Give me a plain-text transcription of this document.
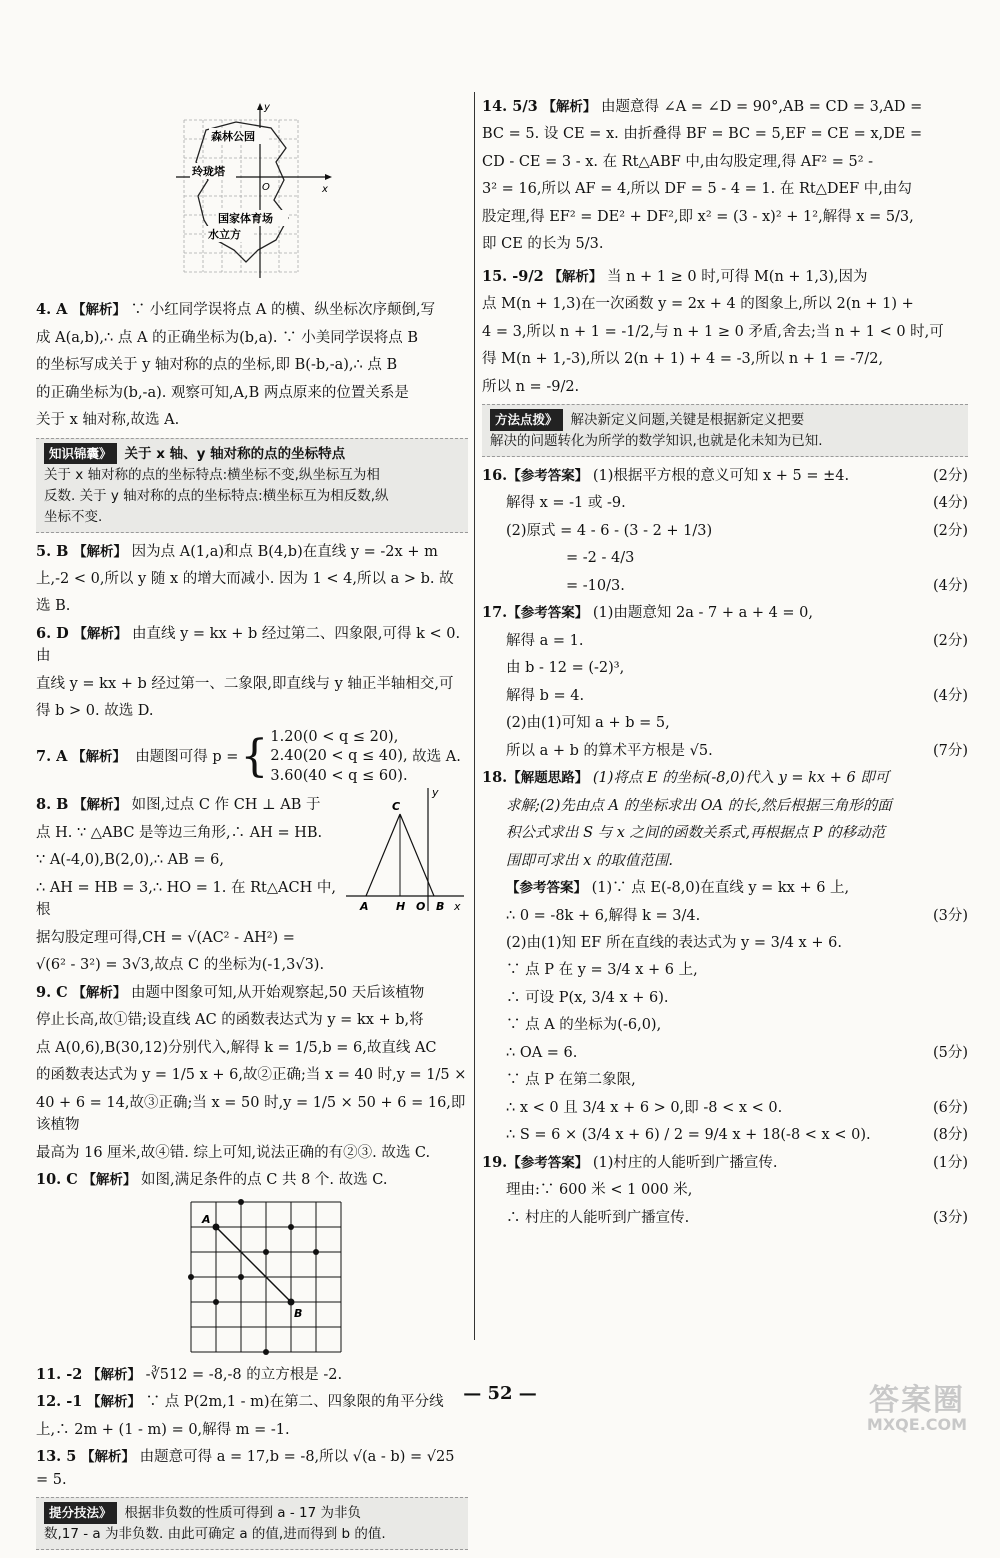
y
x
O
森林公园
玲珑塔
国家体育场
水立方

4. A 【解析】 ∵ 小红同学误将点 A 的横、纵坐标次序颠倒,写

成 A(a,b),∴ 点 A 的正确坐标为(b,a). ∵ 小美同学误将点 B

的坐标写成关于 y 轴对称的点的坐标,即 B(-b,-a),∴ 点 B

的正确坐标为(b,-a). 观察可知,A,B 两点原来的位置关系是

关于 x 轴对称,故选 A.

知识锦囊》 关于 x 轴、y 轴对称的点的坐标特点
关于 x 轴对称的点的坐标特点:横坐标不变,纵坐标互为相
反数. 关于 y 轴对称的点的坐标特点:横坐标互为相反数,纵
坐标不变.

5. B 【解析】 因为点 A(1,a)和点 B(4,b)在直线 y = -2x + m

上,-2 < 0,所以 y 随 x 的增大而减小. 因为 1 < 4,所以 a > b. 故

选 B.

6. D 【解析】 由直线 y = kx + b 经过第二、四象限,可得 k < 0. 由

直线 y = kx + b 经过第一、二象限,即直线与 y 轴正半轴相交,可

得 b > 0. 故选 D.

7. A
【解析】
由题图可得 p = { 1.20(0 < q ≤ 20),
2.40(20 < q ≤ 40),
3.60(40 < q ≤ 60).

故选 A.

8. B 【解析】 如图,过点 C 作 CH ⊥ AB 于

点 H. ∵ △ABC 是等边三角形,∴ AH = HB.

∵ A(-4,0),B(2,0),∴ AB = 6,

∴ AH = HB = 3,∴ HO = 1. 在 Rt△ACH 中,根

据勾股定理可得,CH = √(AC² - AH²) =

√(6² - 3²) = 3√3,故点 C 的坐标为(-1,3√3).

y
C
A H O B x

9. C 【解析】 由题中图象可知,从开始观察起,50 天后该植物

停止长高,故①错;设直线 AC 的函数表达式为 y = kx + b,将

点 A(0,6),B(30,12)分别代入,解得 k = 1/5,b = 6,故直线 AC

的函数表达式为 y = 1/5 x + 6,故②正确;当 x = 40 时,y = 1/5 ×

40 + 6 = 14,故③正确;当 x = 50 时,y = 1/5 × 50 + 6 = 16,即该植物

最高为 16 厘米,故④错. 综上可知,说法正确的有②③. 故选 C.

10. C 【解析】 如图,满足条件的点 C 共 8 个. 故选 C.

A
B

11. -2 【解析】 -∛512 = -8,-8 的立方根是 -2.

12. -1 【解析】 ∵ 点 P(2m,1 - m)在第二、四象限的角平分线

上,∴ 2m + (1 - m) = 0,解得 m = -1.

13. 5 【解析】 由题意可得 a = 17,b = -8,所以 √(a - b) = √25 = 5.

提分技法》 根据非负数的性质可得到 a - 17 为非负
数,17 - a 为非负数. 由此可确定 a 的值,进而得到 b 的值.

14. 5/3 【解析】 由题意得 ∠A = ∠D = 90°,AB = CD = 3,AD =

BC = 5. 设 CE = x. 由折叠得 BF = BC = 5,EF = CE = x,DE =

CD - CE = 3 - x. 在 Rt△ABF 中,由勾股定理,得 AF² = 5² -

3² = 16,所以 AF = 4,所以 DF = 5 - 4 = 1. 在 Rt△DEF 中,由勾

股定理,得 EF² = DE² + DF²,即 x² = (3 - x)² + 1²,解得 x = 5/3,

即 CE 的长为 5/3.

15. -9/2 【解析】 当 n + 1 ≥ 0 时,可得 M(n + 1,3),因为

点 M(n + 1,3)在一次函数 y = 2x + 4 的图象上,所以 2(n + 1) +

4 = 3,所以 n + 1 = -1/2,与 n + 1 ≥ 0 矛盾,舍去;当 n + 1 < 0 时,可

得 M(n + 1,-3),所以 2(n + 1) + 4 = -3,所以 n + 1 = -7/2,

所以 n = -9/2.

方法点拨》 解决新定义问题,关键是根据新定义把要
解决的问题转化为所学的数学知识,也就是化未知为已知.

16.【参考答案】 (1)根据平方根的意义可知 x + 5 = ±4.	(2分)

解得 x = -1 或 -9.	(4分)

(2)原式 = 4 - 6 - (3 - 2 + 1/3)	(2分)

= -2 - 4/3

= -10/3.	(4分)

17.【参考答案】 (1)由题意知 2a - 7 + a + 4 = 0,

解得 a = 1.	(2分)

由 b - 12 = (-2)³,

解得 b = 4.	(4分)

(2)由(1)可知 a + b = 5,

所以 a + b 的算术平方根是 √5.	(7分)

18.【解题思路】 (1)将点 E 的坐标(-8,0)代入 y = kx + 6 即可

求解;(2)先由点 A 的坐标求出 OA 的长,然后根据三角形的面

积公式求出 S 与 x 之间的函数关系式,再根据点 P 的移动范

围即可求出 x 的取值范围.

【参考答案】 (1)∵ 点 E(-8,0)在直线 y = kx + 6 上,

∴ 0 = -8k + 6,解得 k = 3/4.	(3分)

(2)由(1)知 EF 所在直线的表达式为 y = 3/4 x + 6.

∵ 点 P 在 y = 3/4 x + 6 上,

∴ 可设 P(x, 3/4 x + 6).

∵ 点 A 的坐标为(-6,0),

∴ OA = 6.	(5分)

∵ 点 P 在第二象限,

∴ x < 0 且 3/4 x + 6 > 0,即 -8 < x < 0.	(6分)

∴ S = 6 × (3/4 x + 6) / 2 = 9/4 x + 18(-8 < x < 0).	(8分)

19.【参考答案】 (1)村庄的人能听到广播宣传.	(1分)

理由:∵ 600 米 < 1 000 米,

∴ 村庄的人能听到广播宣传.	(3分)

— 52 —	答案圈
MXQE.COM
